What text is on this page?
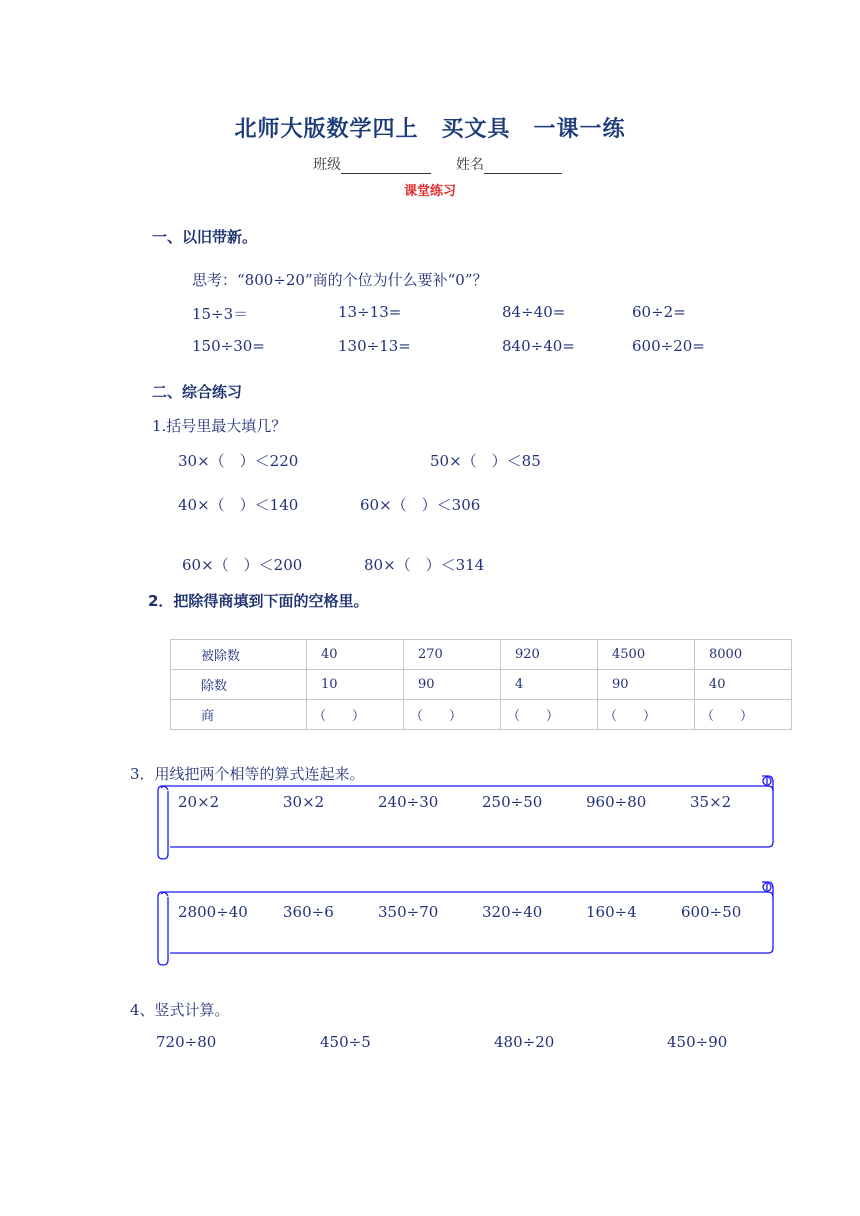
北师大版数学四上　买文具　一课一练
班级	姓名
课堂练习
一、以旧带新。
思考：“800÷20”商的个位为什么要补“0”？
15÷3＝	13÷13=	84÷40=	60÷2=
150÷30=	130÷13=	840÷40=	600÷20=
二、综合练习
1.括号里最大填几？
30×（　）＜220	50×（　）＜85
40×（　）＜140	60×（　）＜306
60×（　）＜200	80×（　）＜314
2．把除得商填到下面的空格里。
被除数	40	270	920	4500	8000
除数	10	90	4	90	40
商	（　　）	（　　）	（　　）	（　　）	（　　）
3．用线把两个相等的算式连起来。
20×2	30×2	240÷30	250÷50	960÷80	35×2
2800÷40 360÷6	350÷70	320÷40	160÷4	600÷50
4、竖式计算。
720÷80	450÷5	480÷20	450÷90
